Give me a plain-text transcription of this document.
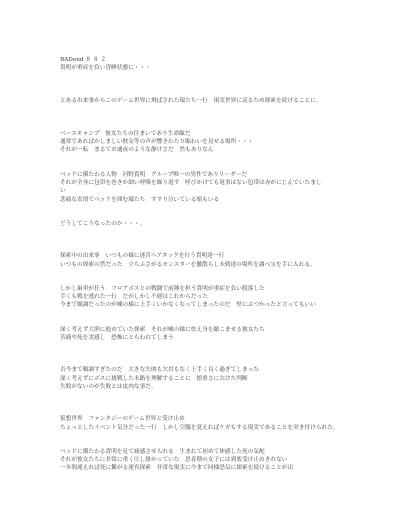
BADend ８ ８ ２
貴明が重症を負い昏睡状態に・・・
とある出来事からこのゲーム世界に飛ばされた環たち一行　現実世界に戻るため探索を続けることに。
ベースキャンプ　彼女たちの住まいであり生命線だ
通常であればかしましい彼女等の声が響きわたり賑わいを見せる場所・・・
それが一転　まるでお通夜のような静けさだ　然もありなん
ベッドに横たわる人物　河野貴明　グループ唯一の男性でありリーダーだ
それが全身に包帯を巻きか細い呼吸を繰り返す　呼びかけても返事はない包帯は赤がにじんでいたまし
い
悲痛な表情でベッドを囲む環たち　すすり泣いている娘もいる
どうしてこうなったのか・・・。
探索中の出来事　いつもの様に迷宮へアタックを行う貴明達一行
いつもの探索の筈だった　立ちふさがるモンスターを撤散らし未到達の場所を調べ宝を手に入れる。
しかし歯車が狂う　フロアボスとの戦闘で前陣を担う貴明が重症を負い脱落した
手くも戦を逃れた一行　だがしかし不運はこれからだった
今まで順調だったのが嘘の様に上手くいかなくなってしまったのだ　壁にぶつかったと言ってもいい
深く考えず大胆に進めていた探索　それが嘘の様に怯え身を縮こませる彼女たち
苦痛や死を実感し　恐怖にとらわれてしまう
否今まで順調すぎたのだ　大きな失敗も欠員もなく上手く良く過ぎてしまった
深く考えずにボスに挑戦した末路を理解することに　慎重さに欠けた判断
失敗がないのが失敗とは皮肉な事だ。
仮想世界　ファンタジーのゲーム世界と受け止め
ちょっとしたイベント気分だった一行　しかし空腹を覚えればケガもする現実であることを突き付けられた。
ベッドに横たわる貴明を見て痛感させられる　生まれて初めて体感した死の気配
それが彼女たちに非常に重く圧し掛かっていた　思春期の女子には到底受け止めきれない
一歩間違えれば死に繋がる迷宮探索　非常な現実に今まで同様恐気に探索を続けることが出
